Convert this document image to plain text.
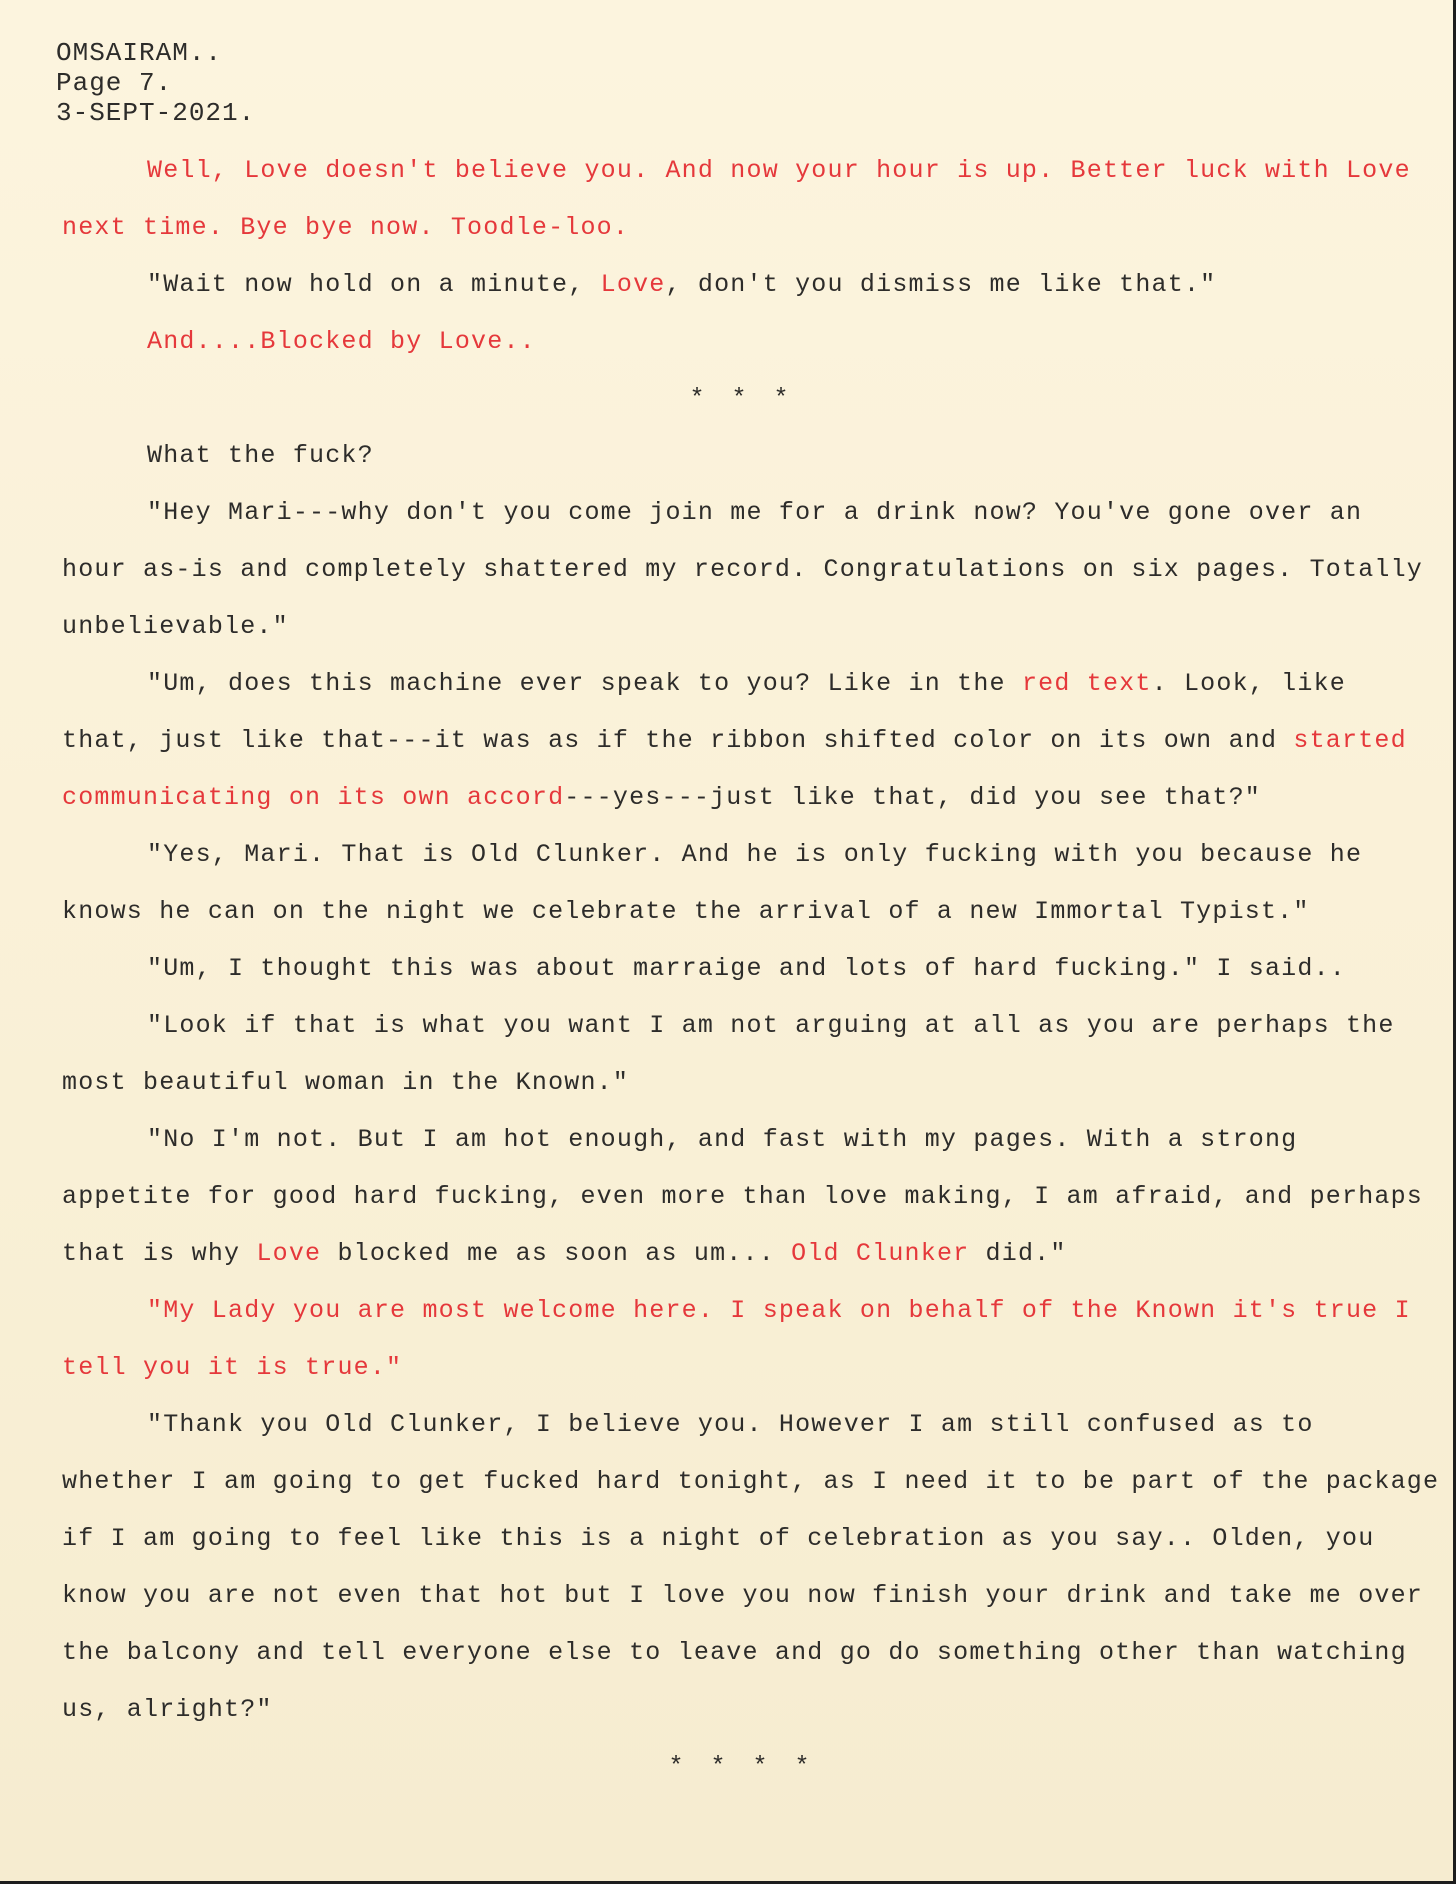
OMSAIRAM..
Page 7.
3-SEPT-2021.

Well, Love doesn't believe you. And now your hour is up. Better luck with Love next time. Bye bye now. Toodle-loo.

"Wait now hold on a minute, Love, don't you dismiss me like that."

And....Blocked by Love..

* * *

What the fuck?

"Hey Mari---why don't you come join me for a drink now? You've gone over an hour as-is and completely shattered my record. Congratulations on six pages. Totally unbelievable."

"Um, does this machine ever speak to you? Like in the red text. Look, like that, just like that---it was as if the ribbon shifted color on its own and started communicating on its own accord---yes---just like that, did you see that?"

"Yes, Mari. That is Old Clunker. And he is only fucking with you because he knows he can on the night we celebrate the arrival of a new Immortal Typist."

"Um, I thought this was about marraige and lots of hard fucking." I said..

"Look if that is what you want I am not arguing at all as you are perhaps the most beautiful woman in the Known."

"No I'm not. But I am hot enough, and fast with my pages. With a strong appetite for good hard fucking, even more than love making, I am afraid, and perhaps that is why Love blocked me as soon as um... Old Clunker did."

"My Lady you are most welcome here. I speak on behalf of the Known it's true I tell you it is true."

"Thank you Old Clunker, I believe you. However I am still confused as to whether I am going to get fucked hard tonight, as I need it to be part of the package if I am going to feel like this is a night of celebration as you say.. Olden, you know you are not even that hot but I love you now finish your drink and take me over the balcony and tell everyone else to leave and go do something other than watching us, alright?"

* * * *
